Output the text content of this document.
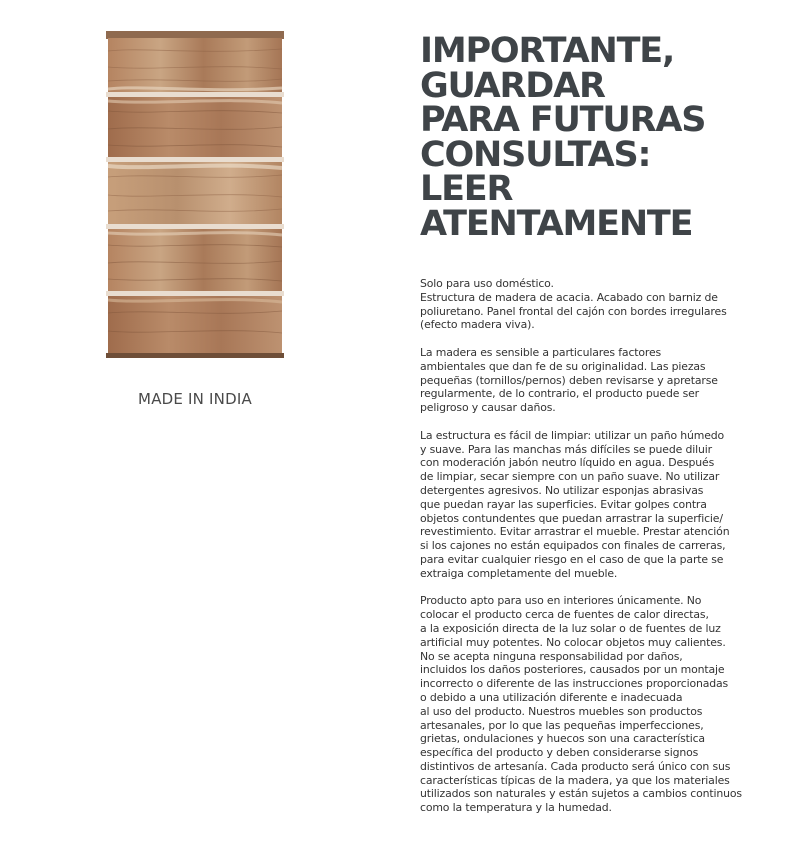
MADE IN INDIA
IMPORTANTE,
GUARDAR
PARA FUTURAS
CONSULTAS:
LEER
ATENTAMENTE

Solo para uso doméstico.
Estructura de madera de acacia. Acabado con barniz de
poliuretano. Panel frontal del cajón con bordes irregulares
(efecto madera viva).

La madera es sensible a particulares factores
ambientales que dan fe de su originalidad. Las piezas
pequeñas (tornillos/pernos) deben revisarse y apretarse
regularmente, de lo contrario, el producto puede ser
peligroso y causar daños.

La estructura es fácil de limpiar: utilizar un paño húmedo
y suave. Para las manchas más difíciles se puede diluir
con moderación jabón neutro líquido en agua. Después
de limpiar, secar siempre con un paño suave. No utilizar
detergentes agresivos. No utilizar esponjas abrasivas
que puedan rayar las superficies. Evitar golpes contra
objetos contundentes que puedan arrastrar la superficie/
revestimiento. Evitar arrastrar el mueble. Prestar atención
si los cajones no están equipados con finales de carreras,
para evitar cualquier riesgo en el caso de que la parte se
extraiga completamente del mueble.

Producto apto para uso en interiores únicamente. No
colocar el producto cerca de fuentes de calor directas,
a la exposición directa de la luz solar o de fuentes de luz
artificial muy potentes. No colocar objetos muy calientes.
No se acepta ninguna responsabilidad por daños,
incluidos los daños posteriores, causados por un montaje
incorrecto o diferente de las instrucciones proporcionadas
o debido a una utilización diferente e inadecuada
al uso del producto. Nuestros muebles son productos
artesanales, por lo que las pequeñas imperfecciones,
grietas, ondulaciones y huecos son una característica
específica del producto y deben considerarse signos
distintivos de artesanía. Cada producto será único con sus
características típicas de la madera, ya que los materiales
utilizados son naturales y están sujetos a cambios continuos
como la temperatura y la humedad.
